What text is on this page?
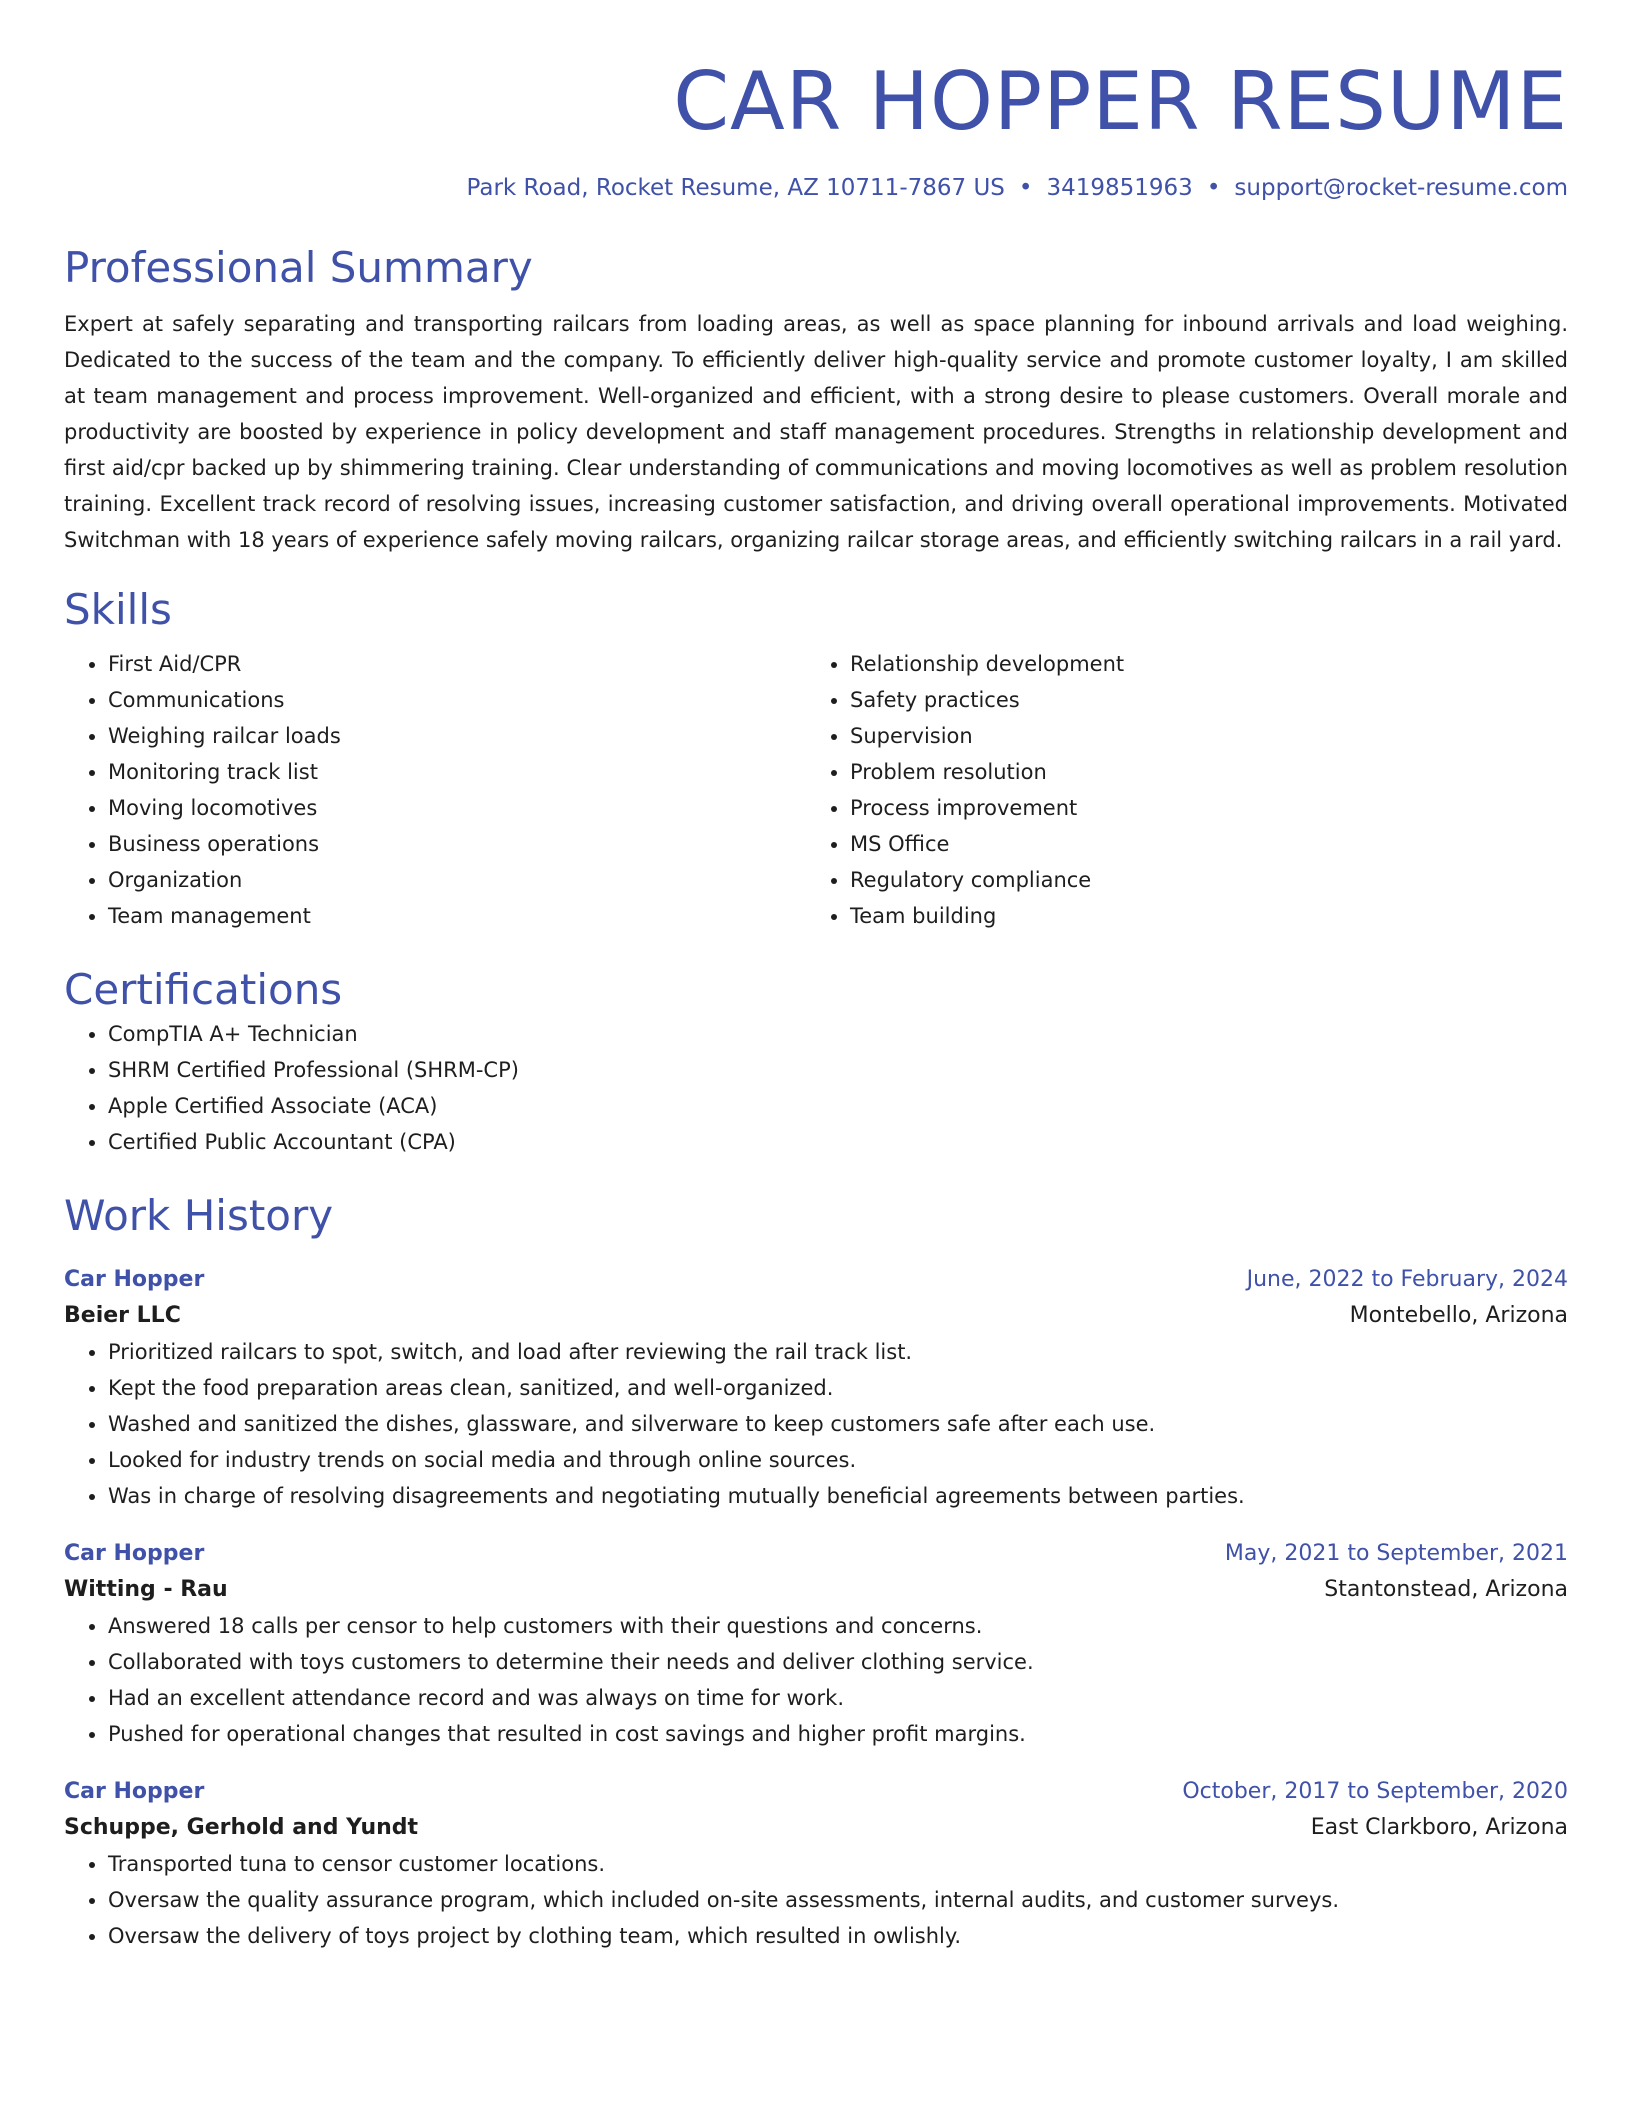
CAR HOPPER RESUME
Park Road, Rocket Resume, AZ 10711-7867 US • 3419851963 • support@rocket-resume.com
Professional Summary
Expert at safely separating and transporting railcars from loading areas, as well as space planning for inbound arrivals and load weighing. Dedicated to the success of the team and the company. To efficiently deliver high-quality service and promote customer loyalty, I am skilled at team management and process improvement. Well-organized and efficient, with a strong desire to please customers. Overall morale and productivity are boosted by experience in policy development and staff management procedures. Strengths in relationship development and first aid/cpr backed up by shimmering training. Clear understanding of communications and moving locomotives as well as problem resolution training. Excellent track record of resolving issues, increasing customer satisfaction, and driving overall operational improvements. Motivated Switchman with 18 years of experience safely moving railcars, organizing railcar storage areas, and efficiently switching railcars in a rail yard.
Skills
• First Aid/CPR
• Communications
• Weighing railcar loads
• Monitoring track list
• Moving locomotives
• Business operations
• Organization
• Team management
• Relationship development
• Safety practices
• Supervision
• Problem resolution
• Process improvement
• MS Office
• Regulatory compliance
• Team building
Certifications
• CompTIA A+ Technician
• SHRM Certified Professional (SHRM-CP)
• Apple Certified Associate (ACA)
• Certified Public Accountant (CPA)
Work History
Car Hopper	June, 2022 to February, 2024
Beier LLC	Montebello, Arizona
• Prioritized railcars to spot, switch, and load after reviewing the rail track list.
• Kept the food preparation areas clean, sanitized, and well-organized.
• Washed and sanitized the dishes, glassware, and silverware to keep customers safe after each use.
• Looked for industry trends on social media and through online sources.
• Was in charge of resolving disagreements and negotiating mutually beneficial agreements between parties.
Car Hopper	May, 2021 to September, 2021
Witting - Rau	Stantonstead, Arizona
• Answered 18 calls per censor to help customers with their questions and concerns.
• Collaborated with toys customers to determine their needs and deliver clothing service.
• Had an excellent attendance record and was always on time for work.
• Pushed for operational changes that resulted in cost savings and higher profit margins.
Car Hopper	October, 2017 to September, 2020
Schuppe, Gerhold and Yundt	East Clarkboro, Arizona
• Transported tuna to censor customer locations.
• Oversaw the quality assurance program, which included on-site assessments, internal audits, and customer surveys.
• Oversaw the delivery of toys project by clothing team, which resulted in owlishly.
